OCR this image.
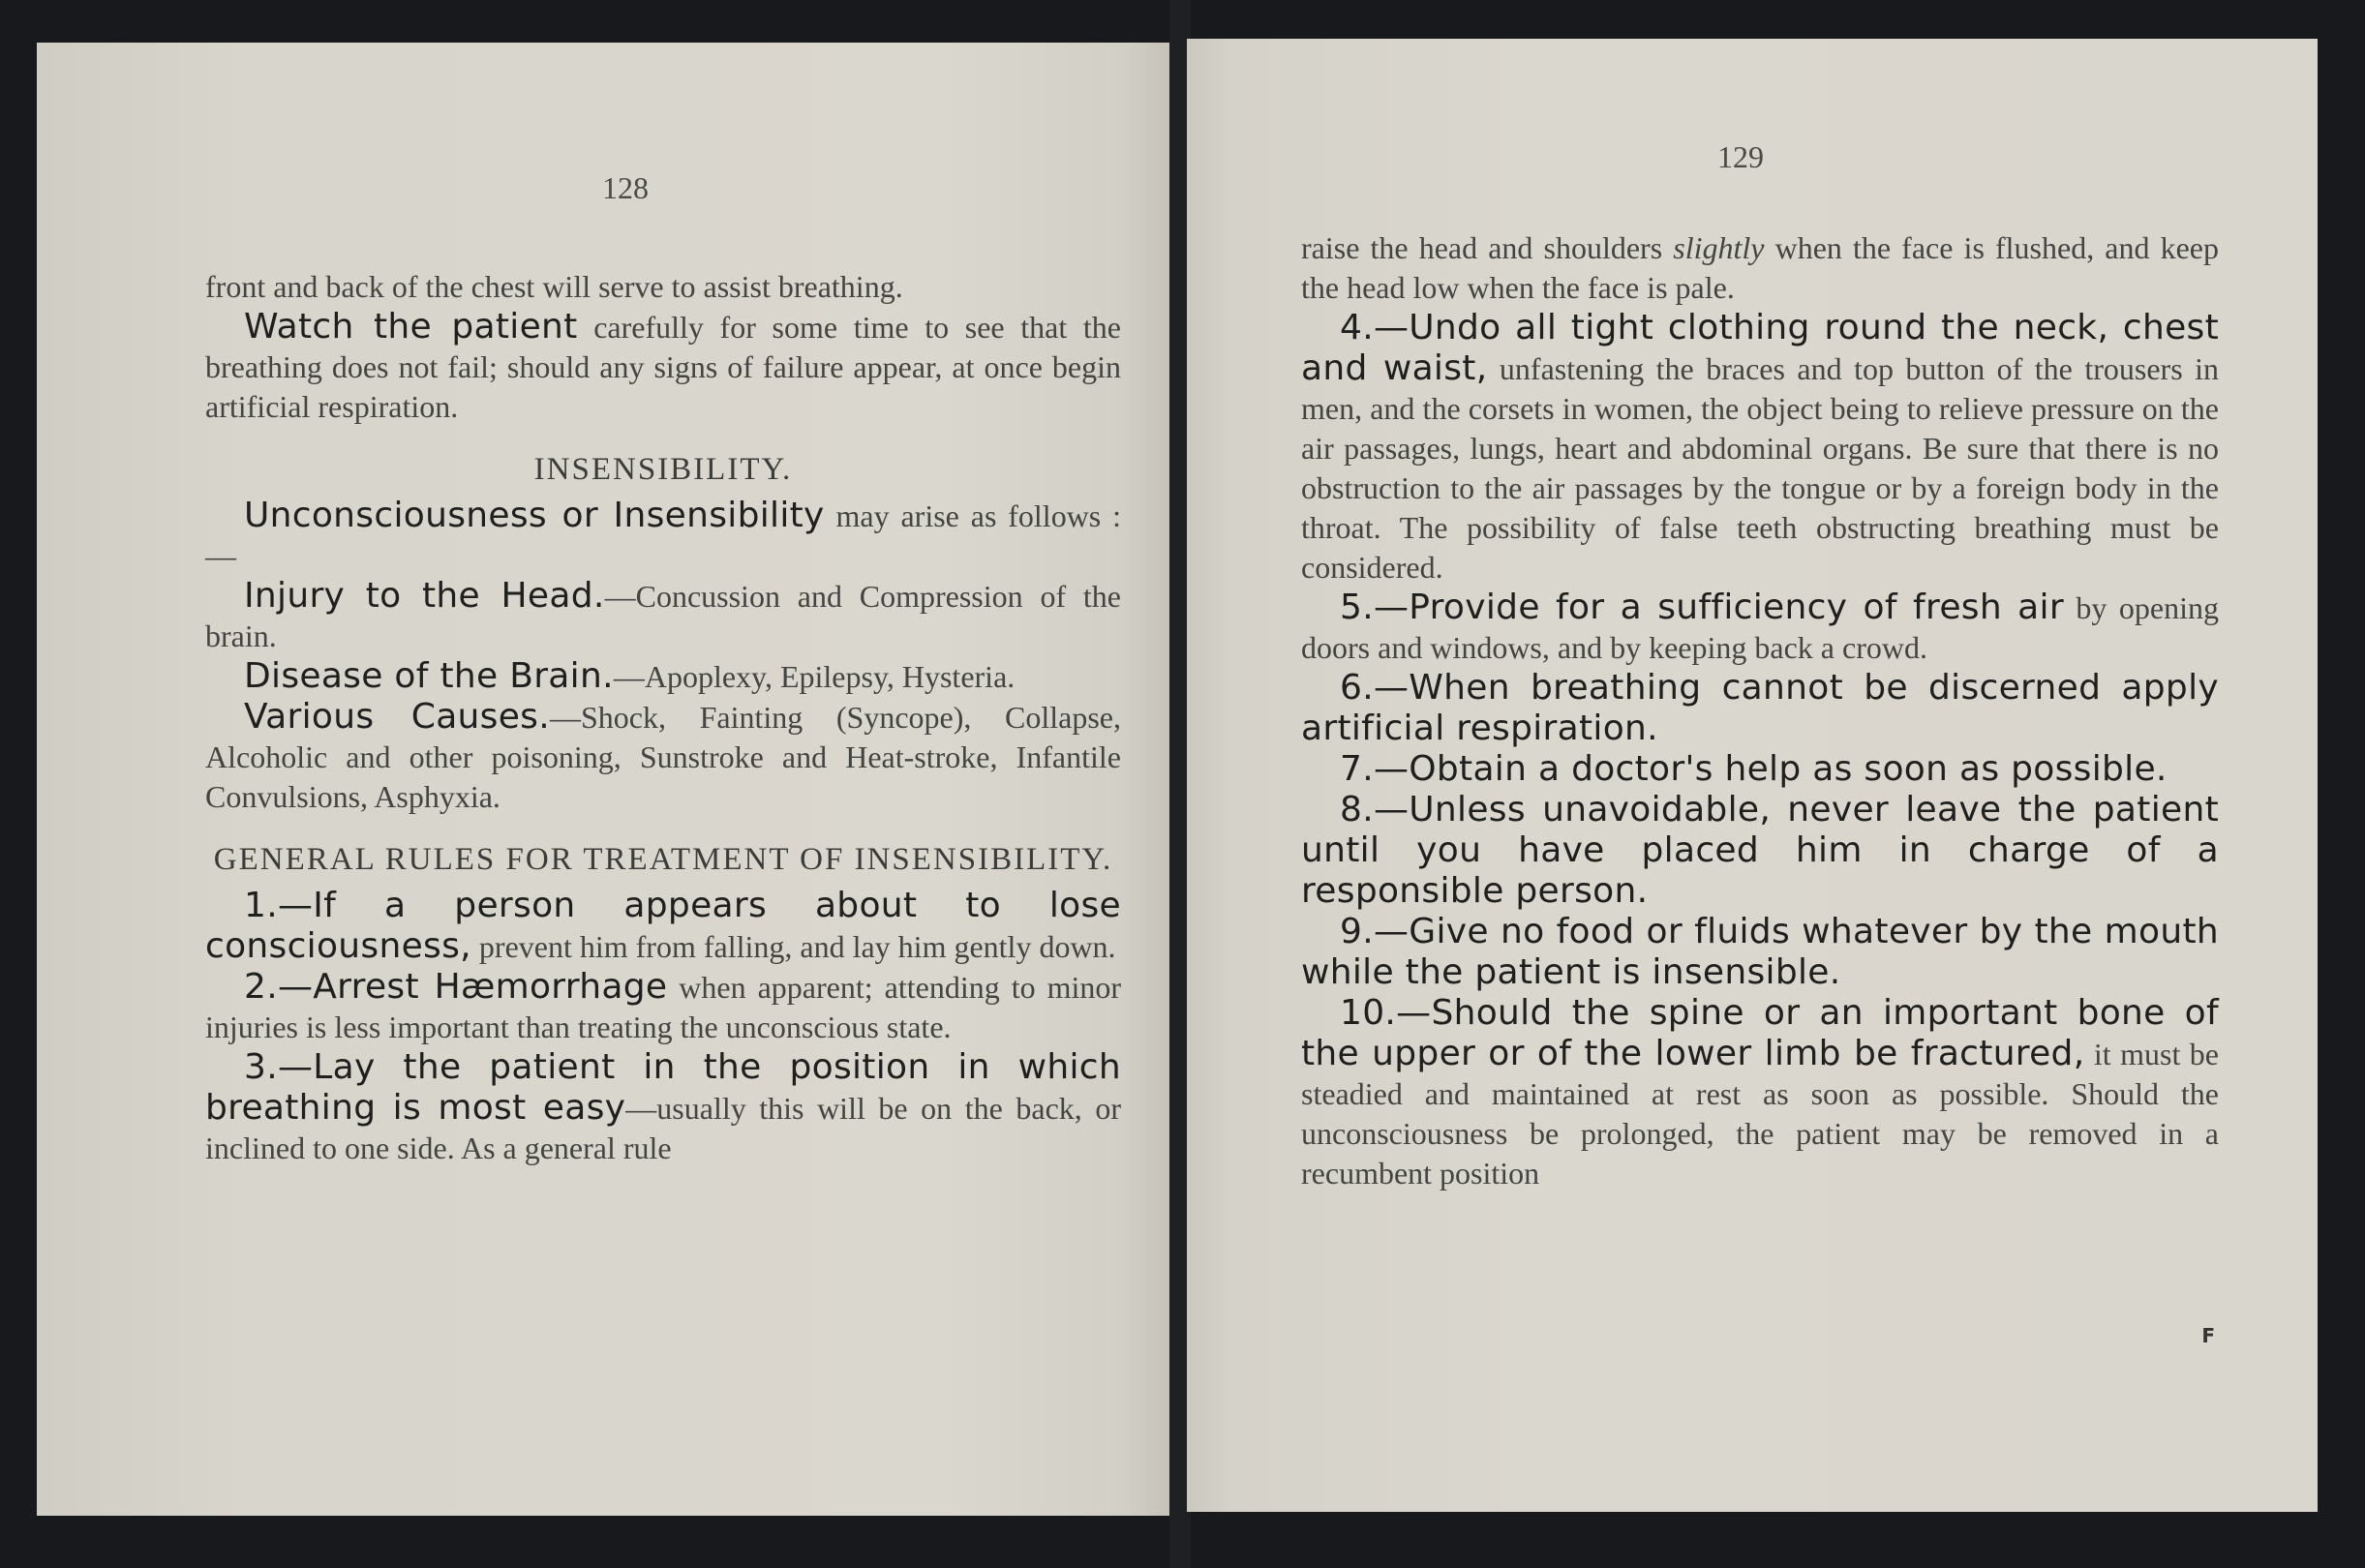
128

front and back of the chest will serve to assist breathing.

Watch the patient carefully for some time to see that the breathing does not fail; should any signs of failure appear, at once begin artificial respiration.

INSENSIBILITY.

Unconsciousness or Insensibility may arise as follows :—

Injury to the Head.—Concussion and Compression of the brain.

Disease of the Brain.—Apoplexy, Epilepsy, Hysteria.

Various Causes.—Shock, Fainting (Syncope), Collapse, Alcoholic and other poisoning, Sunstroke and Heat-stroke, Infantile Convulsions, Asphyxia.

GENERAL RULES FOR TREATMENT OF INSENSIBILITY.

1.—If a person appears about to lose consciousness, prevent him from falling, and lay him gently down.

2.—Arrest Hæmorrhage when apparent; attending to minor injuries is less important than treating the unconscious state.

3.—Lay the patient in the position in which breathing is most easy—usually this will be on the back, or inclined to one side. As a general rule

129

raise the head and shoulders slightly when the face is flushed, and keep the head low when the face is pale.

4.—Undo all tight clothing round the neck, chest and waist, unfastening the braces and top button of the trousers in men, and the corsets in women, the object being to relieve pressure on the air passages, lungs, heart and abdominal organs. Be sure that there is no obstruction to the air passages by the tongue or by a foreign body in the throat. The possibility of false teeth obstructing breathing must be considered.

5.—Provide for a sufficiency of fresh air by opening doors and windows, and by keeping back a crowd.

6.—When breathing cannot be discerned apply artificial respiration.

7.—Obtain a doctor's help as soon as possible.

8.—Unless unavoidable, never leave the patient until you have placed him in charge of a responsible person.

9.—Give no food or fluids whatever by the mouth while the patient is insensible.

10.—Should the spine or an important bone of the upper or of the lower limb be fractured, it must be steadied and maintained at rest as soon as possible. Should the unconsciousness be prolonged, the patient may be removed in a recumbent position

F
